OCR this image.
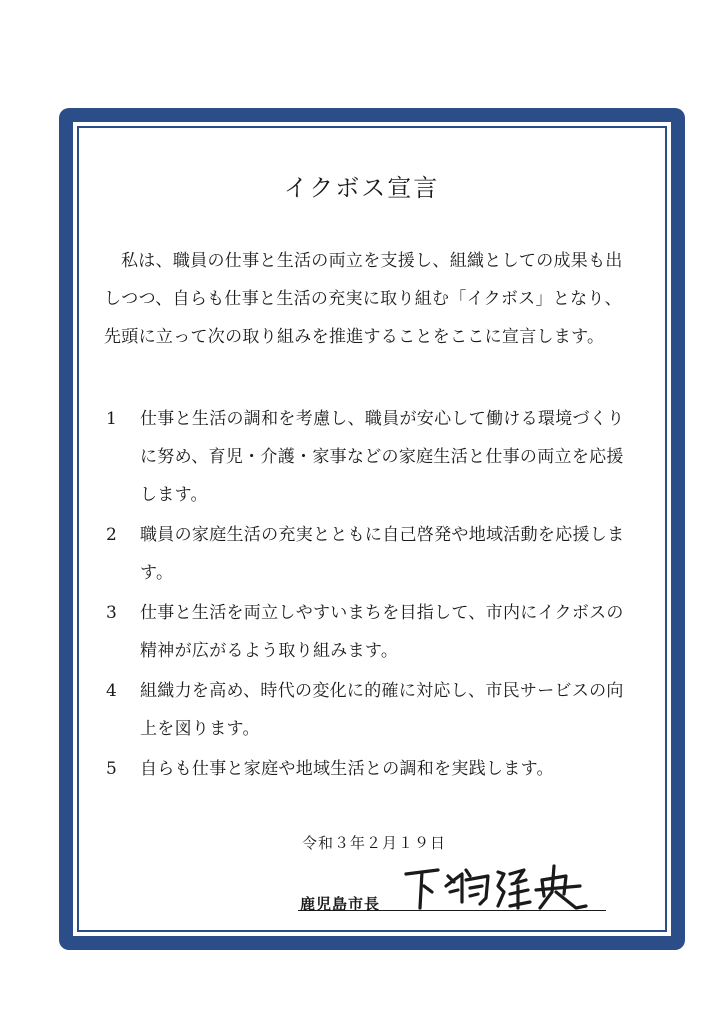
イクボス宣言
私は、職員の仕事と生活の両立を支援し、組織としての成果も出
しつつ、自らも仕事と生活の充実に取り組む「イクボス」となり、
先頭に立って次の取り組みを推進することをここに宣言します。
1 仕事と生活の調和を考慮し、職員が安心して働ける環境づくり
に努め、育児・介護・家事などの家庭生活と仕事の両立を応援
します。
2 職員の家庭生活の充実とともに自己啓発や地域活動を応援しま
す。
3 仕事と生活を両立しやすいまちを目指して、市内にイクボスの
精神が広がるよう取り組みます。
4 組織力を高め、時代の変化に的確に対応し、市民サービスの向
上を図ります。
5 自らも仕事と家庭や地域生活との調和を実践します。
令和３年２月１９日
鹿児島市長
